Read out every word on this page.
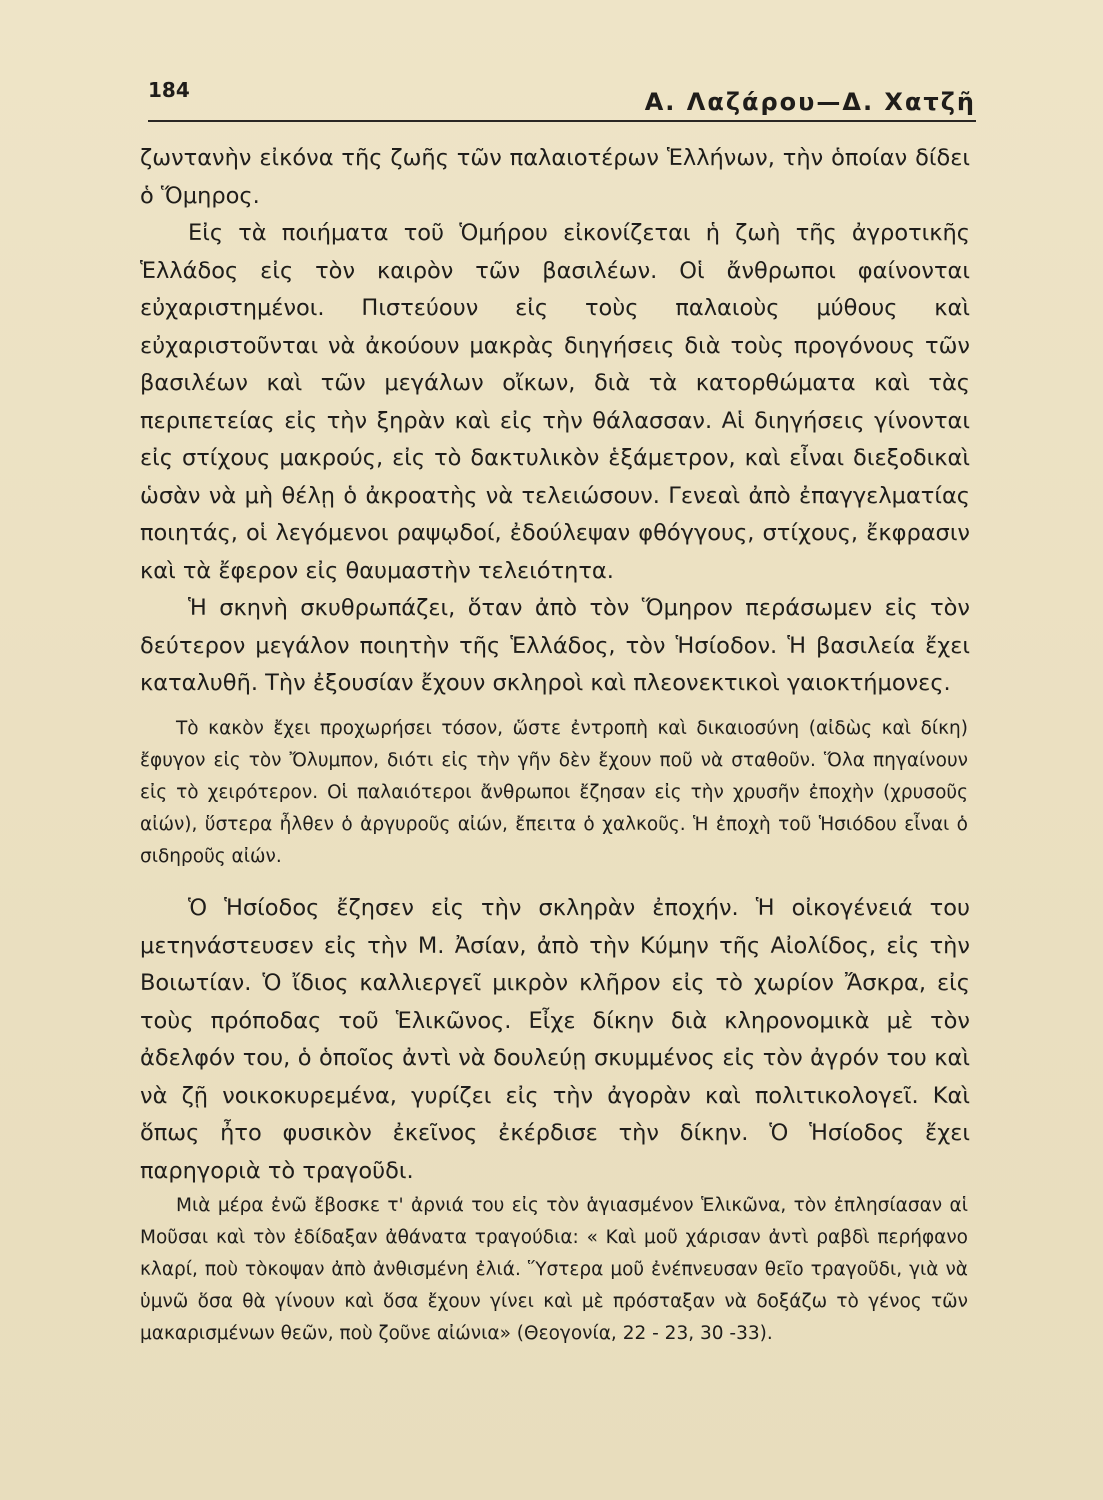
184	Α. Λαζάρου—Δ. Χατζῆ

ζωντανὴν εἰκόνα τῆς ζωῆς τῶν παλαιοτέρων Ἑλλήνων, τὴν ὁποίαν δίδει ὁ Ὅμηρος.

Εἰς τὰ ποιήματα τοῦ Ὁμήρου εἰκονίζεται ἡ ζωὴ τῆς ἀγροτικῆς Ἑλλάδος εἰς τὸν καιρὸν τῶν βασιλέων. Οἱ ἄνθρωποι φαίνονται εὐχαριστημένοι. Πιστεύουν εἰς τοὺς παλαιοὺς μύθους καὶ εὐχαριστοῦνται νὰ ἀκούουν μακρὰς διηγήσεις διὰ τοὺς προγόνους τῶν βασιλέων καὶ τῶν μεγάλων οἴκων, διὰ τὰ κατορθώματα καὶ τὰς περιπετείας εἰς τὴν ξηρὰν καὶ εἰς τὴν θάλασσαν. Αἱ διηγήσεις γίνονται εἰς στίχους μακρούς, εἰς τὸ δακτυλικὸν ἑξάμετρον, καὶ εἶναι διεξοδικαὶ ὡσὰν νὰ μὴ θέλῃ ὁ ἀκροατὴς νὰ τελειώσουν. Γενεαὶ ἀπὸ ἐπαγγελματίας ποιητάς, οἱ λεγόμενοι ραψῳδοί, ἐδούλεψαν φθόγγους, στίχους, ἔκφρασιν καὶ τὰ ἔφερον εἰς θαυμαστὴν τελειότητα.

Ἡ σκηνὴ σκυθρωπάζει, ὅταν ἀπὸ τὸν Ὅμηρον περάσωμεν εἰς τὸν δεύτερον μεγάλον ποιητὴν τῆς Ἑλλάδος, τὸν Ἡσίοδον. Ἡ βασιλεία ἔχει καταλυθῆ. Τὴν ἐξουσίαν ἔχουν σκληροὶ καὶ πλεονεκτικοὶ γαιοκτήμονες.

Τὸ κακὸν ἔχει προχωρήσει τόσον, ὥστε ἐντροπὴ καὶ δικαιοσύνη (αἰδὼς καὶ δίκη) ἔφυγον εἰς τὸν Ὄλυμπον, διότι εἰς τὴν γῆν δὲν ἔχουν ποῦ νὰ σταθοῦν. Ὅλα πηγαίνουν εἰς τὸ χειρότερον. Οἱ παλαιότεροι ἄνθρωποι ἔζησαν εἰς τὴν χρυσῆν ἐποχὴν (χρυσοῦς αἰών), ὕστερα ἦλθεν ὁ ἀργυροῦς αἰών, ἔπειτα ὁ χαλκοῦς. Ἡ ἐποχὴ τοῦ Ἡσιόδου εἶναι ὁ σιδηροῦς αἰών.

Ὁ Ἡσίοδος ἔζησεν εἰς τὴν σκληρὰν ἐποχήν. Ἡ οἰκογένειά του μετηνάστευσεν εἰς τὴν Μ. Ἀσίαν, ἀπὸ τὴν Κύμην τῆς Αἰολίδος, εἰς τὴν Βοιωτίαν. Ὁ ἴδιος καλλιεργεῖ μικρὸν κλῆρον εἰς τὸ χωρίον Ἄσκρα, εἰς τοὺς πρόποδας τοῦ Ἑλικῶνος. Εἶχε δίκην διὰ κληρονομικὰ μὲ τὸν ἀδελφόν του, ὁ ὁποῖος ἀντὶ νὰ δουλεύῃ σκυμμένος εἰς τὸν ἀγρόν του καὶ νὰ ζῇ νοικοκυρεμένα, γυρίζει εἰς τὴν ἀγορὰν καὶ πολιτικολογεῖ. Καὶ ὅπως ἦτο φυσικὸν ἐκεῖνος ἐκέρδισε τὴν δίκην. Ὁ Ἡσίοδος ἔχει παρηγοριὰ τὸ τραγοῦδι.

Μιὰ μέρα ἐνῶ ἔβοσκε τ' ἀρνιά του εἰς τὸν ἁγιασμένον Ἑλικῶνα, τὸν ἐπλησίασαν αἱ Μοῦσαι καὶ τὸν ἐδίδαξαν ἀθάνατα τραγούδια: « Καὶ μοῦ χάρισαν ἀντὶ ραβδὶ περήφανο κλαρί, ποὺ τὸκοψαν ἀπὸ ἀνθισμένη ἐλιά. Ὕστερα μοῦ ἐνέπνευσαν θεῖο τραγοῦδι, γιὰ νὰ ὑμνῶ ὅσα θὰ γίνουν καὶ ὅσα ἔχουν γίνει καὶ μὲ πρόσταξαν νὰ δοξάζω τὸ γένος τῶν μακαρισμένων θεῶν, ποὺ ζοῦνε αἰώνια» (Θεογονία, 22 - 23, 30 -33).
